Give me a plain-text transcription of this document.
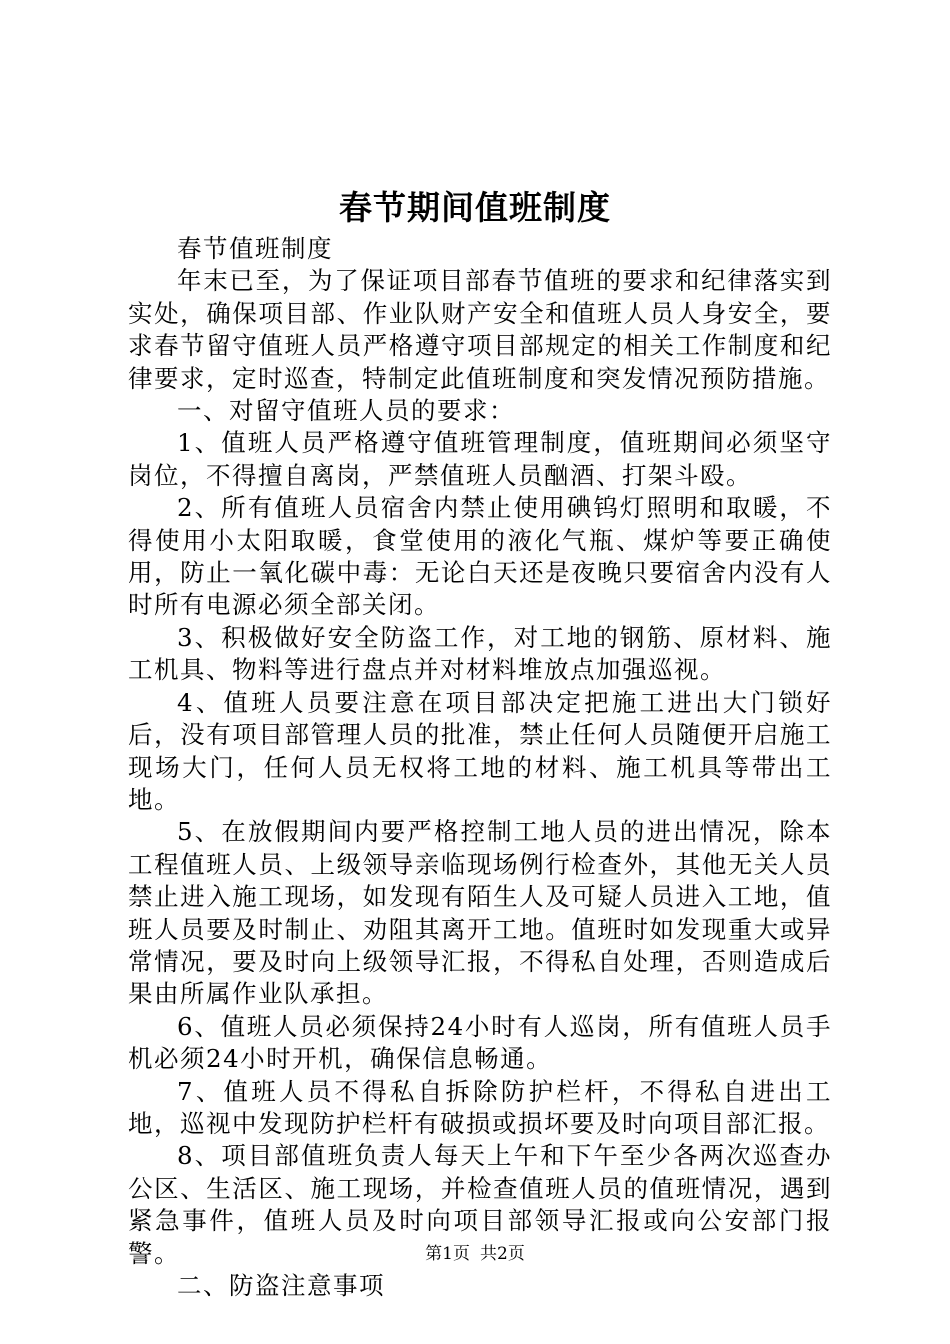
春节期间值班制度

春节值班制度

年末已至，为了保证项目部春节值班的要求和纪律落实到实处，确保项目部、作业队财产安全和值班人员人身安全，要求春节留守值班人员严格遵守项目部规定的相关工作制度和纪律要求，定时巡查，特制定此值班制度和突发情况预防措施。

一、对留守值班人员的要求：

1、值班人员严格遵守值班管理制度，值班期间必须坚守岗位，不得擅自离岗，严禁值班人员酗酒、打架斗殴。

2、所有值班人员宿舍内禁止使用碘钨灯照明和取暖，不得使用小太阳取暖，食堂使用的液化气瓶、煤炉等要正确使用，防止一氧化碳中毒：无论白天还是夜晚只要宿舍内没有人时所有电源必须全部关闭。

3、积极做好安全防盗工作，对工地的钢筋、原材料、施工机具、物料等进行盘点并对材料堆放点加强巡视。

4、值班人员要注意在项目部决定把施工进出大门锁好后，没有项目部管理人员的批准，禁止任何人员随便开启施工现场大门，任何人员无权将工地的材料、施工机具等带出工地。

5、在放假期间内要严格控制工地人员的进出情况，除本工程值班人员、上级领导亲临现场例行检查外，其他无关人员禁止进入施工现场，如发现有陌生人及可疑人员进入工地，值班人员要及时制止、劝阻其离开工地。值班时如发现重大或异常情况，要及时向上级领导汇报，不得私自处理，否则造成后果由所属作业队承担。

6、值班人员必须保持24小时有人巡岗，所有值班人员手机必须24小时开机，确保信息畅通。

7、值班人员不得私自拆除防护栏杆，不得私自进出工地，巡视中发现防护栏杆有破损或损坏要及时向项目部汇报。

8、项目部值班负责人每天上午和下午至少各两次巡查办公区、生活区、施工现场，并检查值班人员的值班情况，遇到紧急事件，值班人员及时向项目部领导汇报或向公安部门报警。

二、防盗注意事项

第1页 共2页
